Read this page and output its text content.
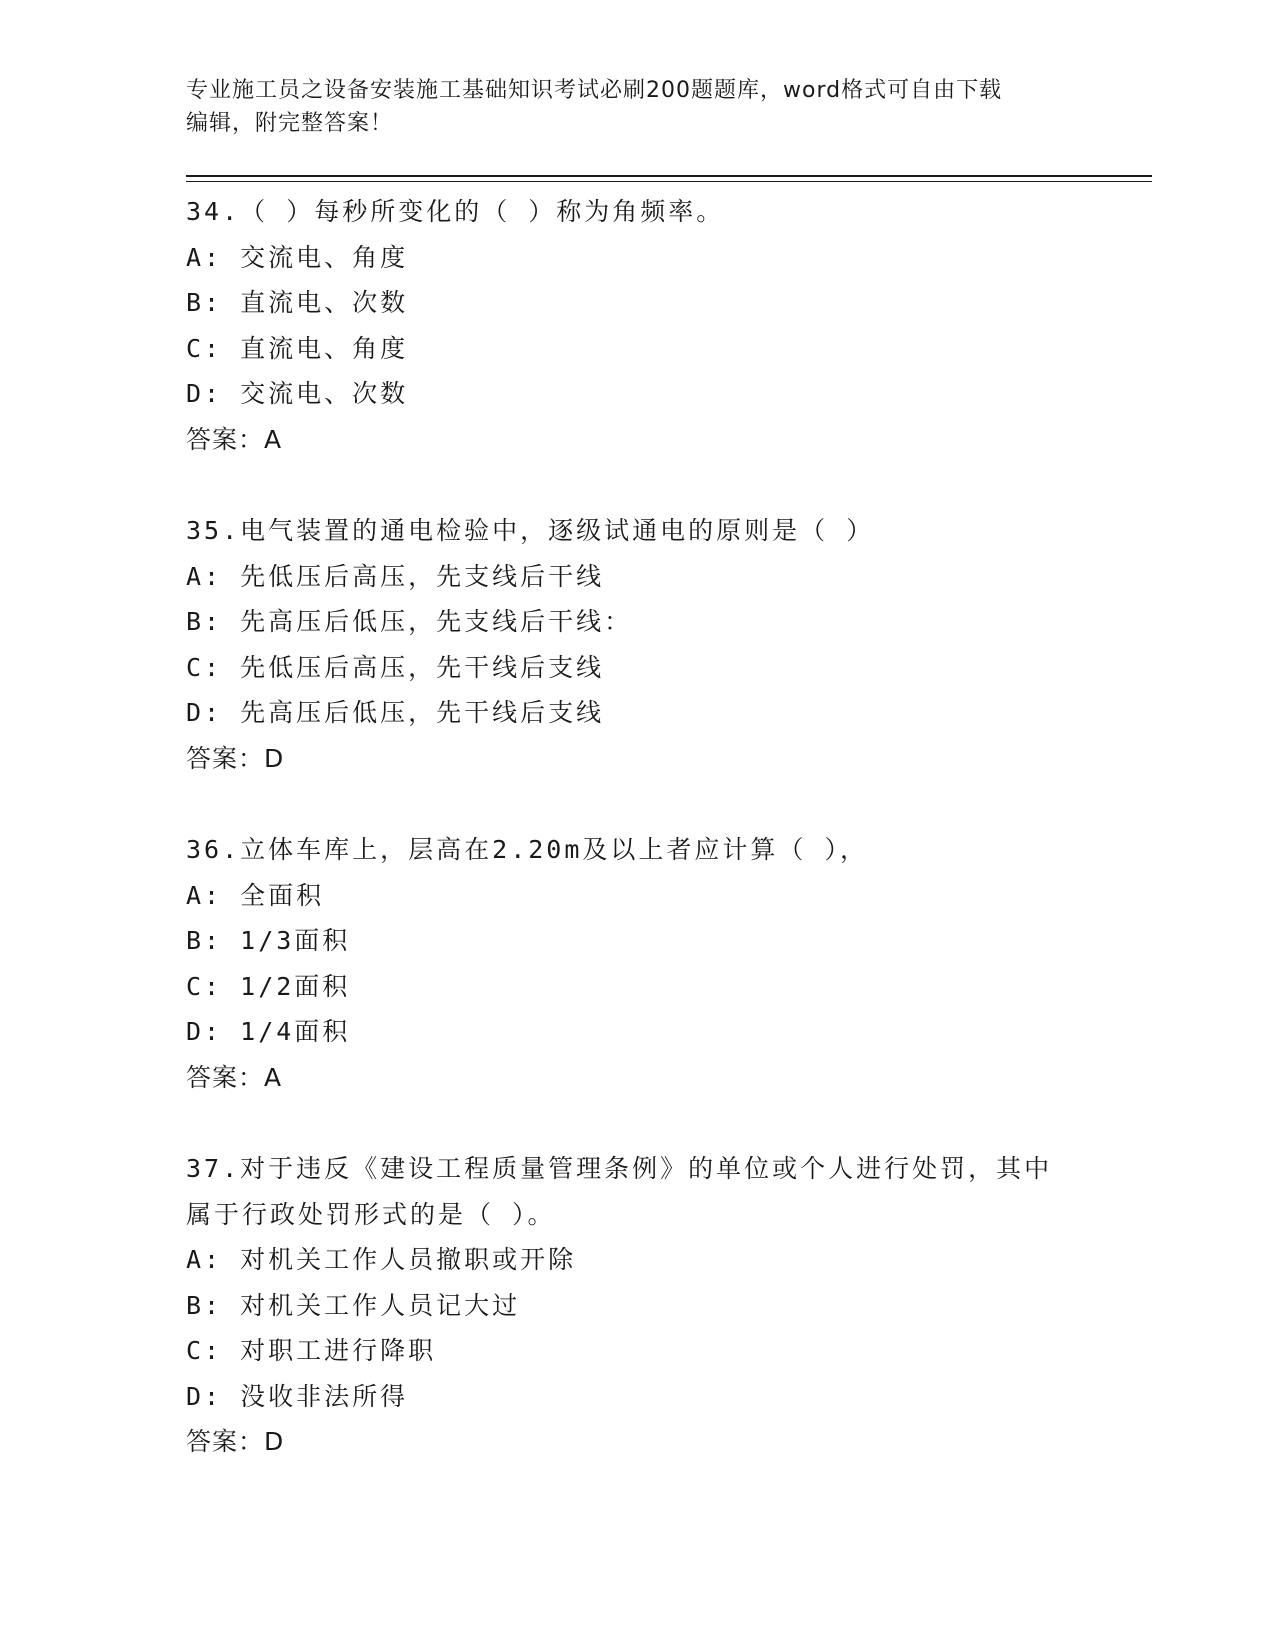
专业施工员之设备安装施工基础知识考试必刷200题题库，word格式可自由下载
编辑，附完整答案！
34.（ ）每秒所变化的（ ）称为角频率。
A: 交流电、角度
B: 直流电、次数
C: 直流电、角度
D: 交流电、次数
答案：A
35.电气装置的通电检验中，逐级试通电的原则是（ ）
A: 先低压后高压，先支线后干线
B: 先高压后低压，先支线后干线：
C: 先低压后高压，先干线后支线
D: 先高压后低压，先干线后支线
答案：D
36.立体车库上，层高在2.20m及以上者应计算（ ），
A: 全面积
B: 1/3面积
C: 1/2面积
D: 1/4面积
答案：A
37.对于违反《建设工程质量管理条例》的单位或个人进行处罚，其中
属于行政处罚形式的是（ ）。
A: 对机关工作人员撤职或开除
B: 对机关工作人员记大过
C: 对职工进行降职
D: 没收非法所得
答案：D
